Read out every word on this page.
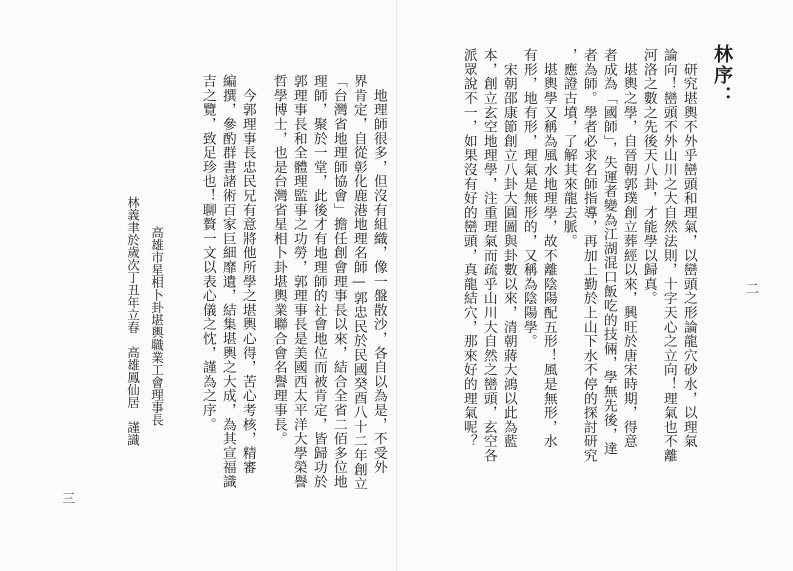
林序：
　研究堪輿不外乎巒頭和理氣，以巒頭之形論龍穴砂水，以理氣
論向！巒頭不外山川之大自然法則，十字天心之立向！理氣也不離
河洛之數之先後天八卦，才能學以歸真。
　堪輿之學，自晉朝郭璞創立葬經以來，興旺於唐宋時期，得意
者成為「國師」，失運者變為江湖混口飯吃的技倆，學無先後，達
者為師。學者必求名師指導，再加上勤於上山下水不停的探討研究
，應證古墳，了解其來龍去脈。
　堪輿學又稱為風水地理學，故不離陰陽配五形！風是無形，水
有形，地有形，理氣是無形的，又稱為陰陽學。
　宋朝邵康節創立八卦大圓圖與卦數以來，清朝蔣大鴻以此為藍
本，創立玄空地理學，注重理氣而疏乎山川大自然之巒頭，玄空各
派眾說不一，如果沒有好的巒頭，真龍結穴，那來好的理氣呢？	二
　地理師很多，但沒有組織，像一盤散沙，各自以為是，不受外
界肯定，自從彰化鹿港地理名師—郭忠民於民國癸酉八十二年創立
「台灣省地理師協會」擔任創會理事長以來，結合全省二佰多位地
理師，聚於一堂，此後才有地理師的社會地位而被肯定，皆歸功於
郭理事長和全體理監事之功勞，郭理事長是美國西太平洋大學榮譽
哲學博士，也是台灣省星相卜卦堪輿業聯合會名譽理事長。
　今郭理事長忠民兄有意將他所學之堪輿心得，苦心考核，精審
編撰，參酌群書諸術百家巨細靡遺，結集堪輿之大成，為其宣福識
吉之覽，致足珍也！聊贅一文以表心儀之忱，謹為之序。
高雄市星相卜卦堪輿職業工會理事長
林義聿於歲次丁丑年立春　高雄鳳仙居　謹識
三
